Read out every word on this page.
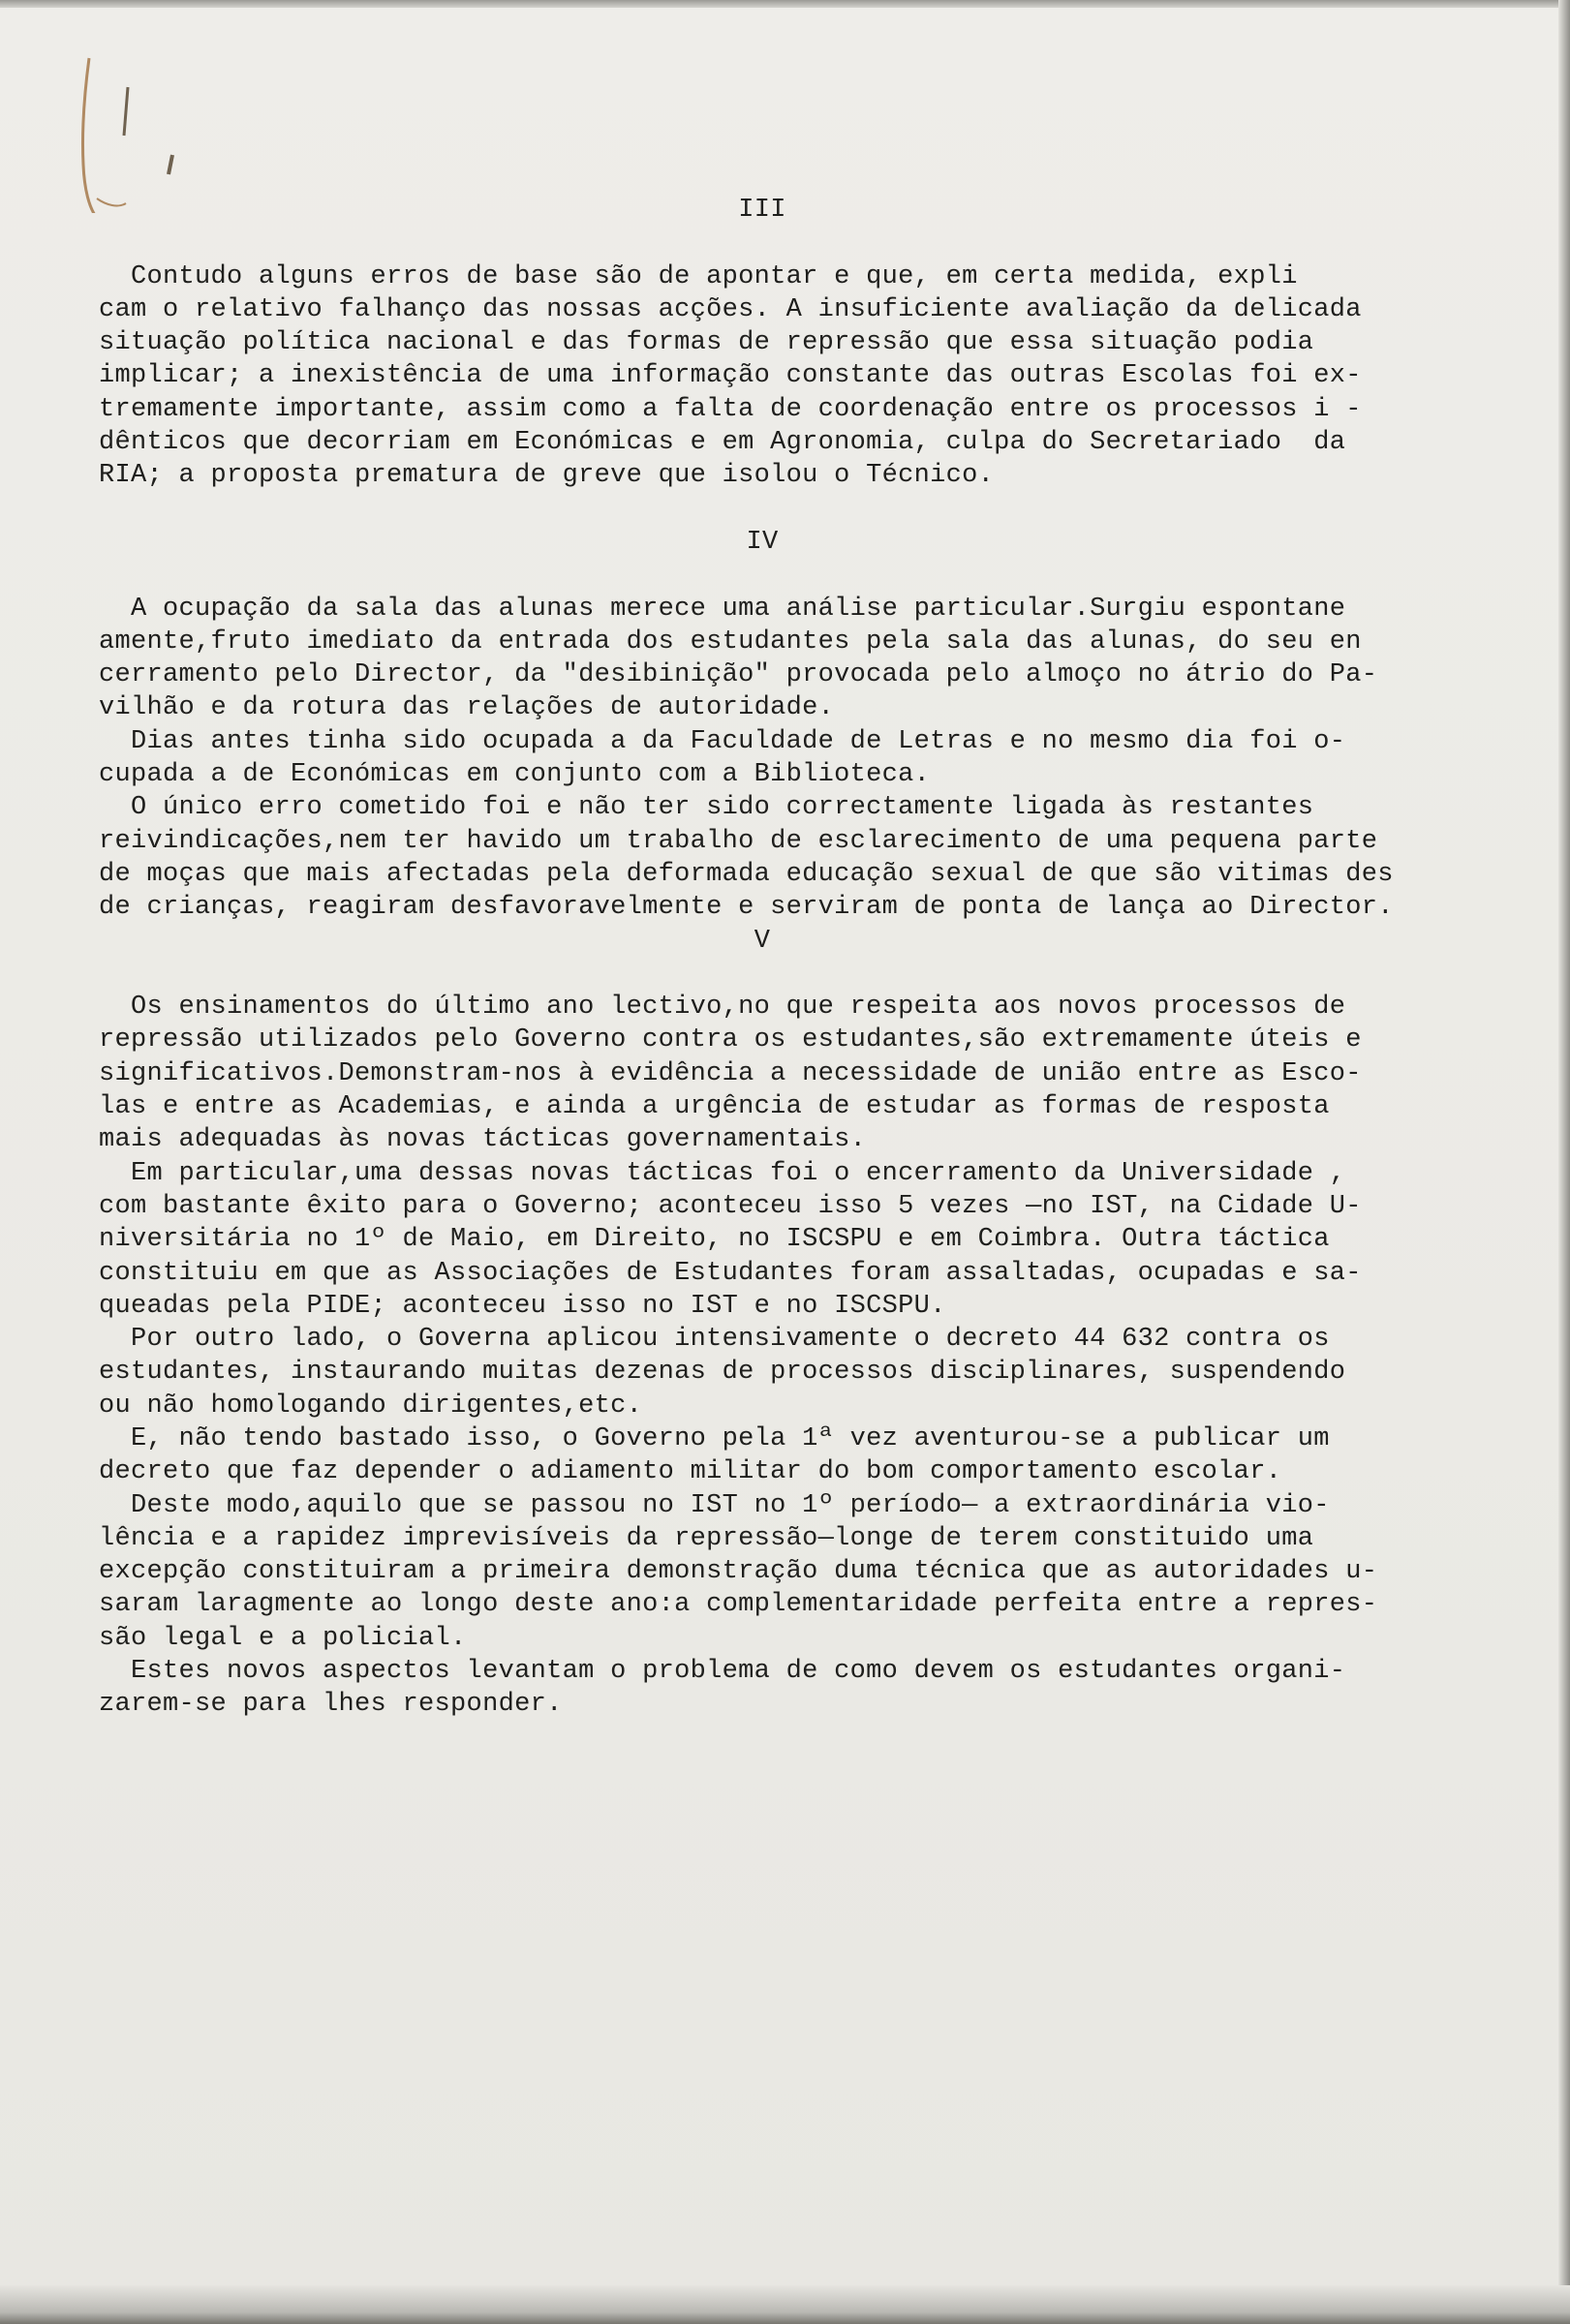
III
Contudo alguns erros de base são de apontar e que, em certa medida, expli
cam o relativo falhanço das nossas acções. A insuficiente avaliação da delicada
situação política nacional e das formas de repressão que essa situação podia
implicar; a inexistência de uma informação constante das outras Escolas foi ex-
tremamente importante, assim como a falta de coordenação entre os processos i -
dênticos que decorriam em Económicas e em Agronomia, culpa do Secretariado  da
RIA; a proposta prematura de greve que isolou o Técnico.
IV
A ocupação da sala das alunas merece uma análise particular.Surgiu espontane
amente,fruto imediato da entrada dos estudantes pela sala das alunas, do seu en
cerramento pelo Director, da "desibinição" provocada pelo almoço no átrio do Pa-
vilhão e da rotura das relações de autoridade.
Dias antes tinha sido ocupada a da Faculdade de Letras e no mesmo dia foi o-
cupada a de Económicas em conjunto com a Biblioteca.
O único erro cometido foi e não ter sido correctamente ligada às restantes
reivindicações,nem ter havido um trabalho de esclarecimento de uma pequena parte
de moças que mais afectadas pela deformada educação sexual de que são vitimas des
de crianças, reagiram desfavoravelmente e serviram de ponta de lança ao Director.
V
Os ensinamentos do último ano lectivo,no que respeita aos novos processos de
repressão utilizados pelo Governo contra os estudantes,são extremamente úteis e
significativos.Demonstram-nos à evidência a necessidade de união entre as Esco-
las e entre as Academias, e ainda a urgência de estudar as formas de resposta
mais adequadas às novas tácticas governamentais.
Em particular,uma dessas novas tácticas foi o encerramento da Universidade ,
com bastante êxito para o Governo; aconteceu isso 5 vezes —no IST, na Cidade U-
niversitária no 1º de Maio, em Direito, no ISCSPU e em Coimbra. Outra táctica
constituiu em que as Associações de Estudantes foram assaltadas, ocupadas e sa-
queadas pela PIDE; aconteceu isso no IST e no ISCSPU.
Por outro lado, o Governa aplicou intensivamente o decreto 44 632 contra os
estudantes, instaurando muitas dezenas de processos disciplinares, suspendendo
ou não homologando dirigentes,etc.
E, não tendo bastado isso, o Governo pela 1ª vez aventurou-se a publicar um
decreto que faz depender o adiamento militar do bom comportamento escolar.
Deste modo,aquilo que se passou no IST no 1º período— a extraordinária vio-
lência e a rapidez imprevisíveis da repressão—longe de terem constituido uma
excepção constituiram a primeira demonstração duma técnica que as autoridades u-
saram laragmente ao longo deste ano:a complementaridade perfeita entre a repres-
são legal e a policial.
Estes novos aspectos levantam o problema de como devem os estudantes organi-
zarem-se para lhes responder.
